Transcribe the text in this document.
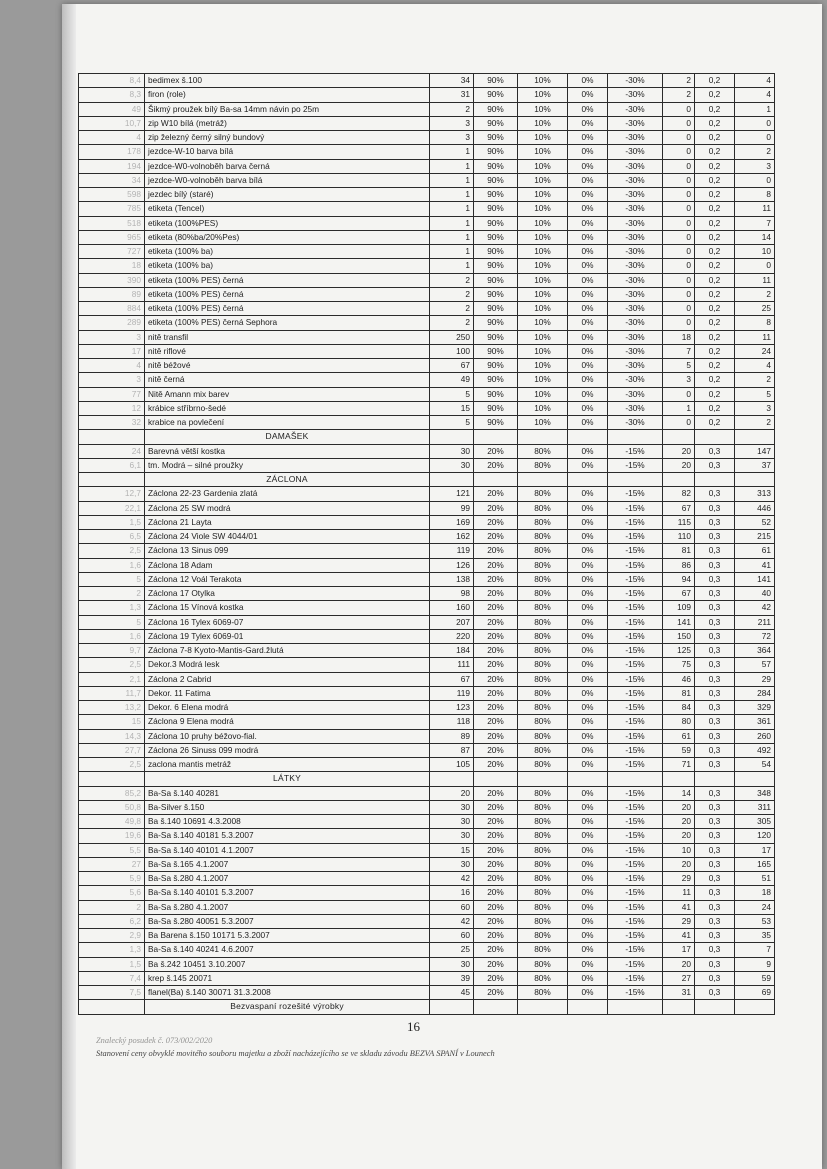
8,4	bedimex š.100	34	90%	10%	0%	-30%	2	0,2	4
8,3	firon (role)	31	90%	10%	0%	-30%	2	0,2	4
49	Šikmý proužek bílý Ba-sa 14mm návin po 25m	2	90%	10%	0%	-30%	0	0,2	1
10,7	zip W10 bílá (metráž)	3	90%	10%	0%	-30%	0	0,2	0
4	zip železný černý silný bundový	3	90%	10%	0%	-30%	0	0,2	0
178	jezdce-W-10 barva bílá	1	90%	10%	0%	-30%	0	0,2	2
194	jezdce-W0-volnoběh barva černá	1	90%	10%	0%	-30%	0	0,2	3
34	jezdce-W0-volnoběh barva bílá	1	90%	10%	0%	-30%	0	0,2	0
598	jezdec bílý (staré)	1	90%	10%	0%	-30%	0	0,2	8
785	etiketa (Tencel)	1	90%	10%	0%	-30%	0	0,2	11
518	etiketa (100%PES)	1	90%	10%	0%	-30%	0	0,2	7
965	etiketa (80%ba/20%Pes)	1	90%	10%	0%	-30%	0	0,2	14
727	etiketa (100% ba)	1	90%	10%	0%	-30%	0	0,2	10
18	etiketa (100% ba)	1	90%	10%	0%	-30%	0	0,2	0
390	etiketa (100% PES) černá	2	90%	10%	0%	-30%	0	0,2	11
89	etiketa (100% PES) černá	2	90%	10%	0%	-30%	0	0,2	2
884	etiketa (100% PES) černá	2	90%	10%	0%	-30%	0	0,2	25
289	etiketa (100% PES) černá Sephora	2	90%	10%	0%	-30%	0	0,2	8
3	nitě transfil	250	90%	10%	0%	-30%	18	0,2	11
17	nitě riflové	100	90%	10%	0%	-30%	7	0,2	24
4	nitě béžové	67	90%	10%	0%	-30%	5	0,2	4
3	nitě černá	49	90%	10%	0%	-30%	3	0,2	2
77	Nitě Amann mix barev	5	90%	10%	0%	-30%	0	0,2	5
12	krábice stříbrno-šedé	15	90%	10%	0%	-30%	1	0,2	3
32	krabice na povlečení	5	90%	10%	0%	-30%	0	0,2	2
	DAMAŠEK								
24	Barevná větší kostka	30	20%	80%	0%	-15%	20	0,3	147
6,1	tm. Modrá – silné proužky	30	20%	80%	0%	-15%	20	0,3	37
	ZÁCLONA								
12,7	Záclona 22-23 Gardenia zlatá	121	20%	80%	0%	-15%	82	0,3	313
22,1	Záclona 25 SW modrá	99	20%	80%	0%	-15%	67	0,3	446
1,5	Záclona 21 Layta	169	20%	80%	0%	-15%	115	0,3	52
6,5	Záclona 24 Viole SW 4044/01	162	20%	80%	0%	-15%	110	0,3	215
2,5	Záclona 13 Sinus 099	119	20%	80%	0%	-15%	81	0,3	61
1,6	Záclona 18 Adam	126	20%	80%	0%	-15%	86	0,3	41
5	Záclona 12 Voál Terakota	138	20%	80%	0%	-15%	94	0,3	141
2	Záclona 17 Otylka	98	20%	80%	0%	-15%	67	0,3	40
1,3	Záclona 15 Vínová kostka	160	20%	80%	0%	-15%	109	0,3	42
5	Záclona 16 Tylex 6069-07	207	20%	80%	0%	-15%	141	0,3	211
1,6	Záclona 19 Tylex 6069-01	220	20%	80%	0%	-15%	150	0,3	72
9,7	Záclona 7-8 Kyoto-Mantis-Gard.žlutá	184	20%	80%	0%	-15%	125	0,3	364
2,5	Dekor.3 Modrá lesk	111	20%	80%	0%	-15%	75	0,3	57
2,1	Záclona 2 Cabrid	67	20%	80%	0%	-15%	46	0,3	29
11,7	Dekor. 11 Fatima	119	20%	80%	0%	-15%	81	0,3	284
13,2	Dekor. 6 Elena modrá	123	20%	80%	0%	-15%	84	0,3	329
15	Záclona 9 Elena modrá	118	20%	80%	0%	-15%	80	0,3	361
14,3	Záclona 10 pruhy béžovo-fial.	89	20%	80%	0%	-15%	61	0,3	260
27,7	Záclona 26 Sinuss 099 modrá	87	20%	80%	0%	-15%	59	0,3	492
2,5	zaclona mantis metráž	105	20%	80%	0%	-15%	71	0,3	54
	LÁTKY								
85,2	Ba-Sa š.140 40281	20	20%	80%	0%	-15%	14	0,3	348
50,8	Ba-Silver š.150	30	20%	80%	0%	-15%	20	0,3	311
49,8	Ba š.140 10691 4.3.2008	30	20%	80%	0%	-15%	20	0,3	305
19,6	Ba-Sa š.140 40181 5.3.2007	30	20%	80%	0%	-15%	20	0,3	120
5,5	Ba-Sa š.140 40101 4.1.2007	15	20%	80%	0%	-15%	10	0,3	17
27	Ba-Sa š.165 4.1.2007	30	20%	80%	0%	-15%	20	0,3	165
5,9	Ba-Sa š.280 4.1.2007	42	20%	80%	0%	-15%	29	0,3	51
5,6	Ba-Sa š.140 40101 5.3.2007	16	20%	80%	0%	-15%	11	0,3	18
2	Ba-Sa š.280 4.1.2007	60	20%	80%	0%	-15%	41	0,3	24
6,2	Ba-Sa š.280 40051 5.3.2007	42	20%	80%	0%	-15%	29	0,3	53
2,9	Ba Barena š.150 10171 5.3.2007	60	20%	80%	0%	-15%	41	0,3	35
1,3	Ba-Sa š.140 40241 4.6.2007	25	20%	80%	0%	-15%	17	0,3	7
1,5	Ba š.242 10451 3.10.2007	30	20%	80%	0%	-15%	20	0,3	9
7,4	krep š.145 20071	39	20%	80%	0%	-15%	27	0,3	59
7,5	flanel(Ba) š.140 30071 31.3.2008	45	20%	80%	0%	-15%	31	0,3	69
	Bezvaspaní rozešité výrobky								
16
Znalecký posudek č. 073/002/2020
Stanovení ceny obvyklé movitého souboru majetku a zboží nacházejícího se ve skladu závodu BEZVA SPANÍ v Lounech
